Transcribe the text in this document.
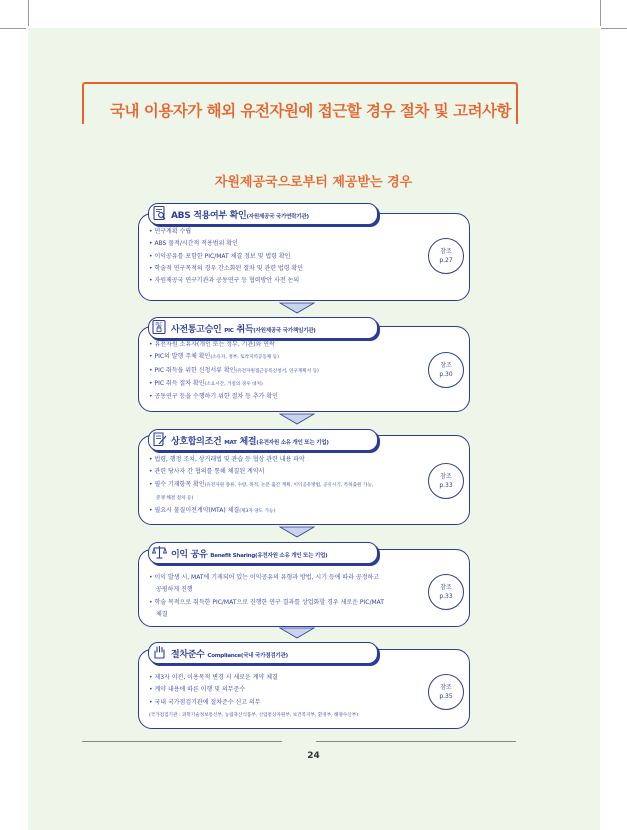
국내 이용자가 해외 유전자원에 접근할 경우 절차 및 고려사항
자원제공국으로부터 제공받는 경우
• 연구계획 수립
• ABS 물적/시간적 적용범위 확인
• 이익공유를 포함한 PIC/MAT 체결 정보 및 법령 확인
• 학술적 연구목적의 경우 간소화된 절차 및 관련 법령 확인
• 자원제공국 연구기관과 공동연구 등 협력방안 사전 논의
ABS 적용여부 확인(자원제공국 국가연락기관)
참조
p.27
• 유전자원 소유자(개인 또는 정부, 기관)와 연락
• PIC의 발행 주체 확인(소유자, 정부, 토착지역공동체 등)
• PIC 취득을 위한 신청서류 확인(유전자원접근등록신청서, 연구계획서 등)
• PIC 취득 절차 확인(소요시간, 거절의 경우 대처)
• 공동연구 등을 수행하기 위한 절차 등 추가 확인
PIC 사전통고승인 PIC 취득(자원제공국 국가책임기관)
참조
p.30
• 법령, 행정 조치, 상거래법 및 관습 등 협상 관련 내용 파악
• 관련 당사자 간 협의를 통해 체결된 계약서
• 필수 기재항목 확인(유전자원 종류, 수량, 목적, 논문 출간 계획, 이익공유방법, 공유시기, 특허출원 가능,
분쟁 해결 절차 등)
• 필요시 물질이전계약(MTA) 체결(제3자 양도 가능)
상호합의조건 MAT 체결(유전자원 소유 개인 또는 기업)
참조
p.33
• 이익 발생 시, MAT에 기재되어 있는 이익공유의 유형과 방법, 시기 등에 따라 공정하고
공평하게 진행
• 학술 목적으로 취득한 PIC/MAT으로 진행한 연구 결과를 상업화할 경우 새로운 PIC/MAT
체결
이익 공유 Benefit Sharing(유전자원 소유 개인 또는 기업)
참조
p.33
• 제3자 이전, 이용목적 변경 시 새로운 계약 체결
• 계약 내용에 따른 이행 및 의무준수
• 국내 국가점검기관에 절차준수 신고 의무
(국가점검기관 : 과학기술정보통신부, 농림축산식품부, 산업통상자원부, 보건복지부, 환경부, 해양수산부)
절차준수 Compliance(국내 국가점검기관)
참조
p.35
24
